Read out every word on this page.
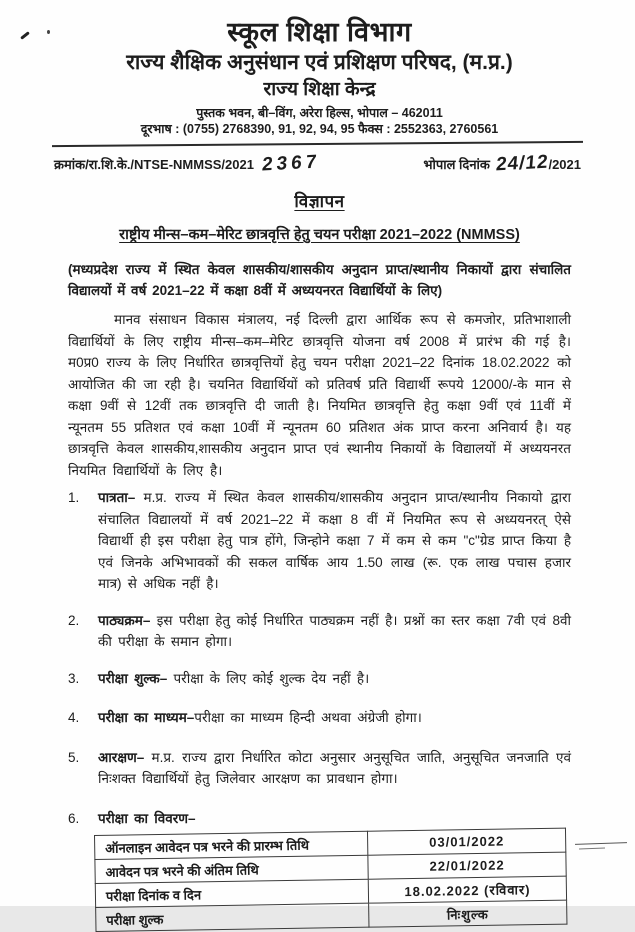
स्कूल शिक्षा विभाग
राज्य शैक्षिक अनुसंधान एवं प्रशिक्षण परिषद, (म.प्र.)
राज्य शिक्षा केन्द्र
पुस्तक भवन, बी–विंग, अरेरा हिल्स, भोपाल – 462011
दूरभाष : (0755) 2768390, 91, 92, 94, 95 फैक्स : 2552363, 2760561
क्रमांक/रा.शि.के./NTSE-NMMSS/2021 2367	भोपाल दिनांक 24/12/2021
विज्ञापन
राष्ट्रीय मीन्स–कम–मेरिट छात्रवृत्ति हेतु चयन परीक्षा 2021–2022 (NMMSS)

(मध्यप्रदेश राज्य में स्थित केवल शासकीय/शासकीय अनुदान प्राप्त/स्थानीय निकायों द्वारा संचालित विद्यालयों में वर्ष 2021–22 में कक्षा 8वीं में अध्ययनरत विद्यार्थियों के लिए)

मानव संसाधन विकास मंत्रालय, नई दिल्ली द्वारा आर्थिक रूप से कमजोर, प्रतिभाशाली विद्यार्थियों के लिए राष्ट्रीय मीन्स–कम–मेरिट छात्रवृत्ति योजना वर्ष 2008 में प्रारंभ की गई है। म0प्र0 राज्य के लिए निर्धारित छात्रवृत्तियों हेतु चयन परीक्षा 2021–22 दिनांक 18.02.2022 को आयोजित की जा रही है। चयनित विद्यार्थियों को प्रतिवर्ष प्रति विद्यार्थी रूपये 12000/-के मान से कक्षा 9वीं से 12वीं तक छात्रवृत्ति दी जाती है। नियमित छात्रवृत्ति हेतु कक्षा 9वीं एवं 11वीं में न्यूनतम 55 प्रतिशत एवं कक्षा 10वीं में न्यूनतम 60 प्रतिशत अंक प्राप्त करना अनिवार्य है। यह छात्रवृत्ति केवल शासकीय,शासकीय अनुदान प्राप्त एवं स्थानीय निकायों के विद्यालयों में अध्ययनरत नियमित विद्यार्थियों के लिए है।

1.	पात्रता– म.प्र. राज्य में स्थित केवल शासकीय/शासकीय अनुदान प्राप्त/स्थानीय निकायो द्वारा संचालित विद्यालयों में वर्ष 2021–22 में कक्षा 8 वीं में नियमित रूप से अध्ययनरत् ऐसे विद्यार्थी ही इस परीक्षा हेतु पात्र होंगे, जिन्होने कक्षा 7 में कम से कम "c"ग्रेड प्राप्त किया है एवं जिनके अभिभावकों की सकल वार्षिक आय 1.50 लाख (रू. एक लाख पचास हजार मात्र) से अधिक नहीं है।
2.	पाठ्यक्रम– इस परीक्षा हेतु कोई निर्धारित पाठ्यक्रम नहीं है। प्रश्नों का स्तर कक्षा 7वी एवं 8वी की परीक्षा के समान होगा।
3.	परीक्षा शुल्क– परीक्षा के लिए कोई शुल्क देय नहीं है।
4.	परीक्षा का माध्यम–परीक्षा का माध्यम हिन्दी अथवा अंग्रेजी होगा।
5.	आरक्षण– म.प्र. राज्य द्वारा निर्धारित कोटा अनुसार अनुसूचित जाति, अनुसूचित जनजाति एवं निःशक्त विद्यार्थियों हेतु जिलेवार आरक्षण का प्रावधान होगा।
6.	परीक्षा का विवरण–
ऑनलाइन आवेदन पत्र भरने की प्रारम्भ तिथि	03/01/2022
आवेदन पत्र भरने की अंतिम तिथि	22/01/2022
परीक्षा दिनांक व दिन	18.02.2022 (रविवार)
परीक्षा शुल्क	निःशुल्क
